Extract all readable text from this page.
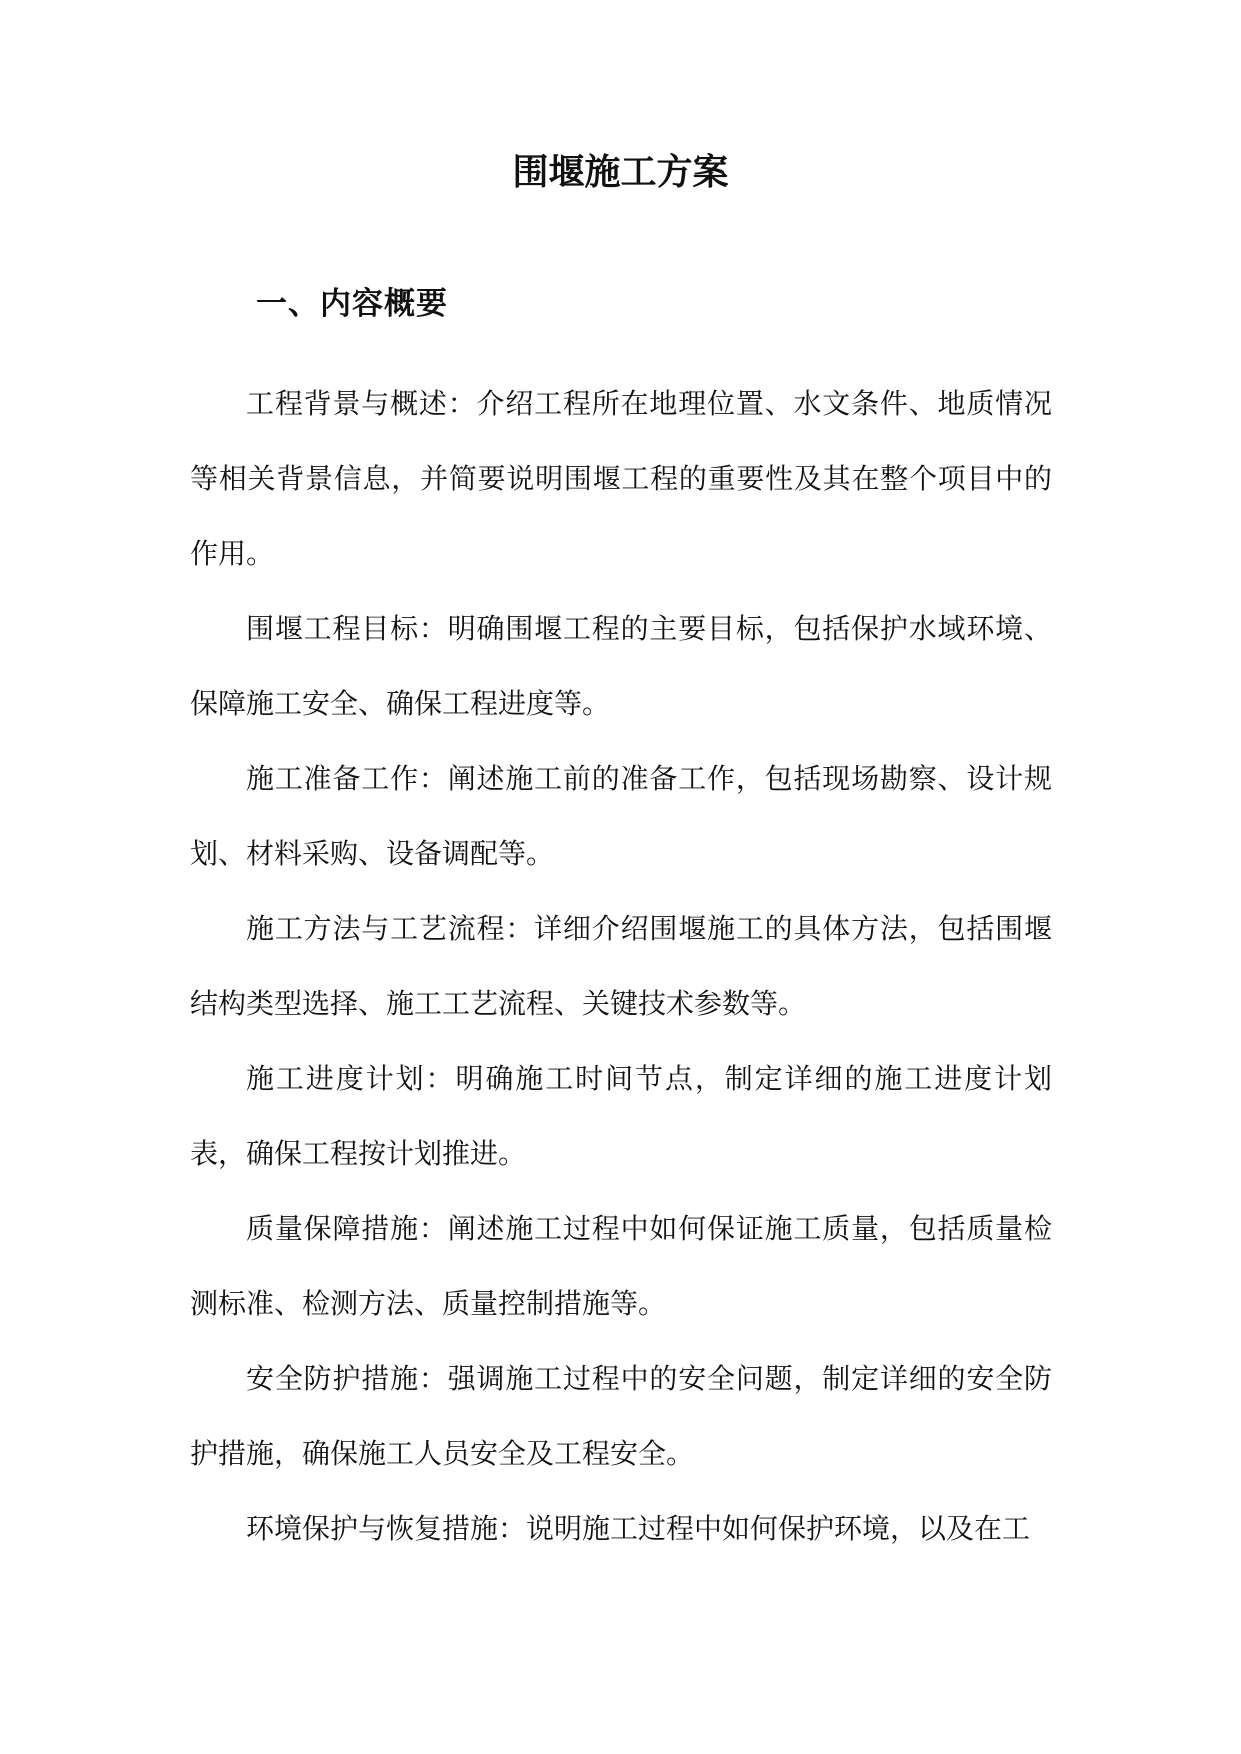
围堰施工方案
一、内容概要

工程背景与概述：介绍工程所在地理位置、水文条件、地质情况等相关背景信息，并简要说明围堰工程的重要性及其在整个项目中的作用。

围堰工程目标：明确围堰工程的主要目标，包括保护水域环境、保障施工安全、确保工程进度等。

施工准备工作：阐述施工前的准备工作，包括现场勘察、设计规划、材料采购、设备调配等。

施工方法与工艺流程：详细介绍围堰施工的具体方法，包括围堰结构类型选择、施工工艺流程、关键技术参数等。

施工进度计划：明确施工时间节点，制定详细的施工进度计划表，确保工程按计划推进。

质量保障措施：阐述施工过程中如何保证施工质量，包括质量检测标准、检测方法、质量控制措施等。

安全防护措施：强调施工过程中的安全问题，制定详细的安全防护措施，确保施工人员安全及工程安全。

环境保护与恢复措施：说明施工过程中如何保护环境，以及在工
